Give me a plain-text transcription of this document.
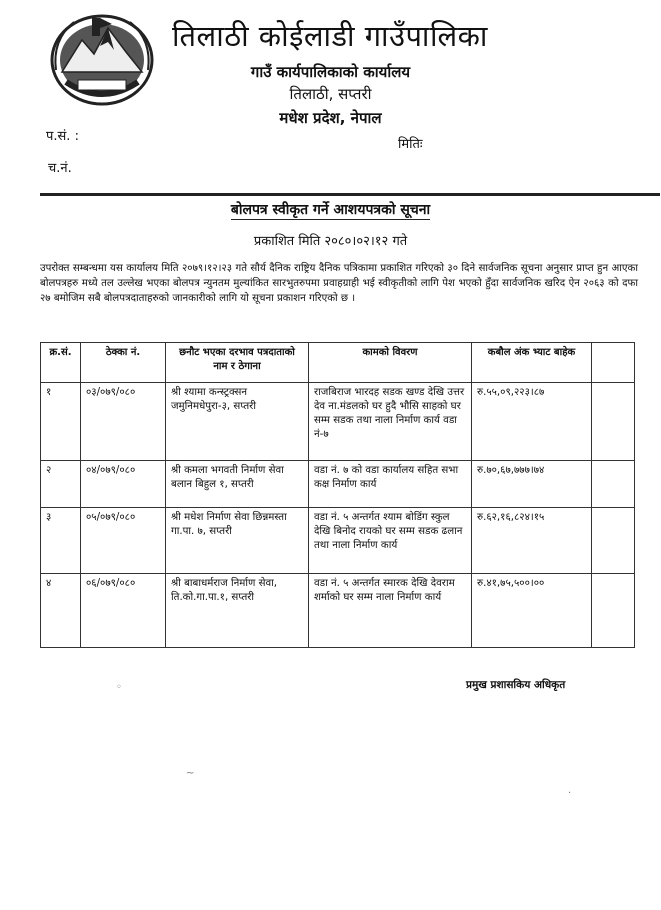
तिलाठी कोईलाडी गाउँपालिका
गाउँ कार्यपालिकाको कार्यालय
तिलाठी, सप्तरी
मधेश प्रदेश, नेपाल
प.सं. :
मितिः
च.नं.
बोलपत्र स्वीकृत गर्ने आशयपत्रको सूचना
प्रकाशित मिति २०८०।०२।१२ गते
उपरोक्त सम्बन्धमा यस कार्यालय मिति २०७९।१२।२३ गते सौर्य दैनिक राष्ट्रिय दैनिक पत्रिकामा प्रकाशित गरिएको ३० दिने सार्वजनिक सूचना अनुसार प्राप्त हुन आएका बोलपत्रहरु मध्ये तल उल्लेख भएका बोलपत्र न्युनतम मुल्यांकित सारभुतरुपमा प्रवाहग्राही भई स्वीकृतीको लागि पेश भएको हुँदा सार्वजनिक खरिद ऐन २०६३ को दफा २७ बमोजिम सबै बोलपत्रदाताहरुको जानकारीको लागि यो सूचना प्रकाशन गरिएको छ ।
क्र.सं.	ठेक्का नं.	छनौट भएका दरभाव पत्रदाताको नाम र ठेगाना	कामको विवरण	कबौल अंक भ्याट बाहेक	
१	०३/०७९/०८०	श्री श्यामा कन्स्ट्रक्सन जमुनिमधेपुरा-३, सप्तरी	राजबिराज भारदह सडक खण्ड देखि उत्तर देव ना.मंडलको घर हुदै भौसि साहको घर सम्म सडक तथा नाला निर्माण कार्य वडा नं-७	रु.५५,०९,२२३।८७	
२	०४/०७९/०८०	श्री कमला भगवती निर्माण सेवा बलान बिहुल १, सप्तरी	वडा नं. ७ को वडा कार्यालय सहित सभा कक्ष निर्माण कार्य	रु.७०,६७,७७७।७४	
३	०५/०७९/०८०	श्री मधेश निर्माण सेवा छिन्नमस्ता गा.पा. ७, सप्तरी	वडा नं. ५ अन्तर्गत श्याम बोडिंग स्कुल देखि बिनोद रायको घर सम्म सडक ढलान तथा नाला निर्माण कार्य	रु.६२,१६,८२४।१५	
४	०६/०७९/०८०	श्री बाबाधर्मराज निर्माण सेवा, ति.को.गा.पा.१, सप्तरी	वडा नं. ५ अन्तर्गत स्मारक देखि देवराम शर्माको घर सम्म नाला निर्माण कार्य	रु.४१,७५,५००।००	
प्रमुख प्रशासकिय अधिकृत
◦
~
·
